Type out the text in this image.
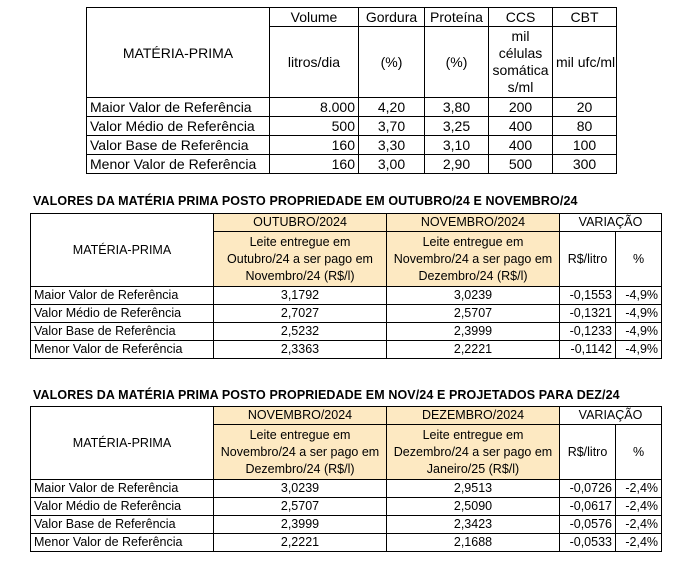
MATÉRIA-PRIMA	Volume	Gordura	Proteína	CCS	CBT
	litros/dia	(%)	(%)	mil células somática s/ml	mil ufc/ml
Maior Valor de Referência	8.000	4,20	3,80	200	20
Valor Médio de Referência	500	3,70	3,25	400	80
Valor Base de Referência	160	3,30	3,10	400	100
Menor Valor de Referência	160	3,00	2,90	500	300
VALORES DA MATÉRIA PRIMA POSTO PROPRIEDADE EM OUTUBRO/24 E NOVEMBRO/24
MATÉRIA-PRIMA	OUTUBRO/2024	NOVEMBRO/2024	VARIAÇÃO	
	Leite entregue em Outubro/24 a ser pago em Novembro/24 (R$/l)	Leite entregue em Novembro/24 a ser pago em Dezembro/24 (R$/l)	R$/litro	%
Maior Valor de Referência	3,1792	3,0239	-0,1553	-4,9%
Valor Médio de Referência	2,7027	2,5707	-0,1321	-4,9%
Valor Base de Referência	2,5232	2,3999	-0,1233	-4,9%
Menor Valor de Referência	2,3363	2,2221	-0,1142	-4,9%
VALORES DA MATÉRIA PRIMA POSTO PROPRIEDADE EM NOV/24 E PROJETADOS PARA DEZ/24
MATÉRIA-PRIMA	NOVEMBRO/2024	DEZEMBRO/2024	VARIAÇÃO	
	Leite entregue em Novembro/24 a ser pago em Dezembro/24 (R$/l)	Leite entregue em Dezembro/24 a ser pago em Janeiro/25 (R$/l)	R$/litro	%
Maior Valor de Referência	3,0239	2,9513	-0,0726	-2,4%
Valor Médio de Referência	2,5707	2,5090	-0,0617	-2,4%
Valor Base de Referência	2,3999	2,3423	-0,0576	-2,4%
Menor Valor de Referência	2,2221	2,1688	-0,0533	-2,4%
